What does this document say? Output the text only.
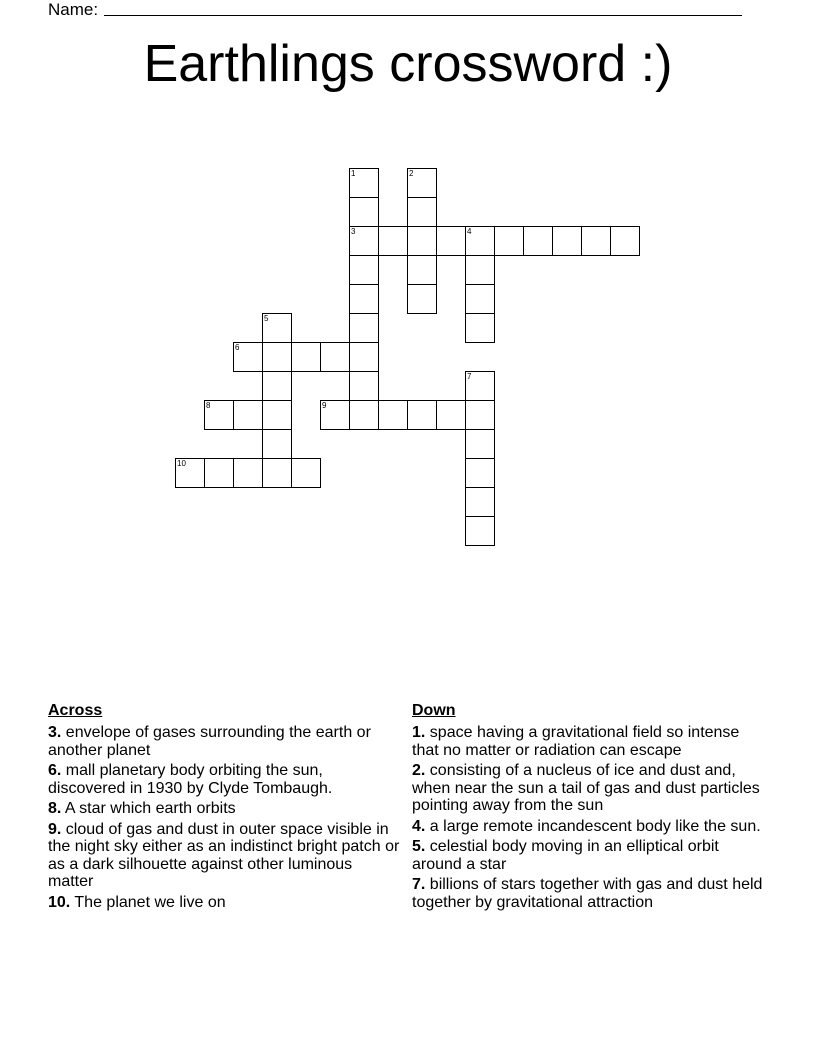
Name:
Earthlings crossword :)
1	2
3	4
5
6
7
8	9
10
Across
3. envelope of gases surrounding the earth or another planet
6. mall planetary body orbiting the sun, discovered in 1930 by Clyde Tombaugh.
8. A star which earth orbits
9. cloud of gas and dust in outer space visible in the night sky either as an indistinct bright patch or as a dark silhouette against other luminous matter
10. The planet we live on
Down
1. space having a gravitational field so intense that no matter or radiation can escape
2. consisting of a nucleus of ice and dust and, when near the sun a tail of gas and dust particles pointing away from the sun
4. a large remote incandescent body like the sun.
5. celestial body moving in an elliptical orbit around a star
7. billions of stars together with gas and dust held together by gravitational attraction
